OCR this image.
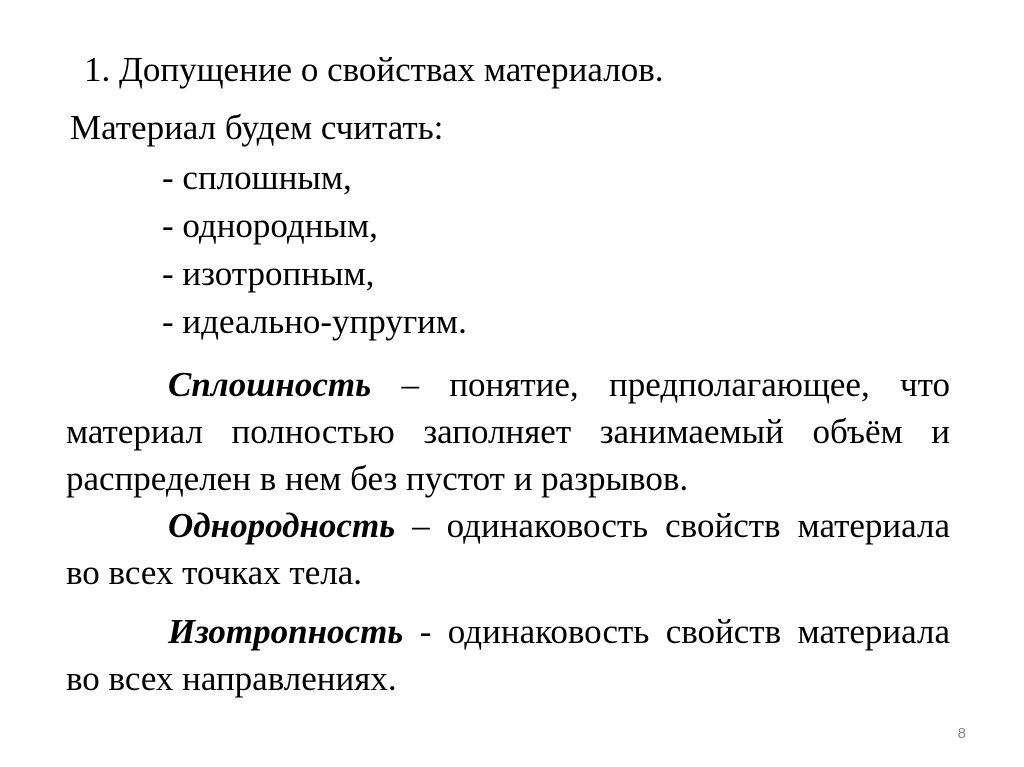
1. Допущение о свойствах материалов.
Материал будем считать:
- сплошным,
- однородным,
- изотропным,
- идеально-упругим.

Сплошность – понятие, предполагающее, что материал полностью заполняет занимаемый объём и распределен в нем без пустот и разрывов.

Однородность – одинаковость свойств материала во всех точках тела.

Изотропность - одинаковость свойств материала во всех направлениях.

8
